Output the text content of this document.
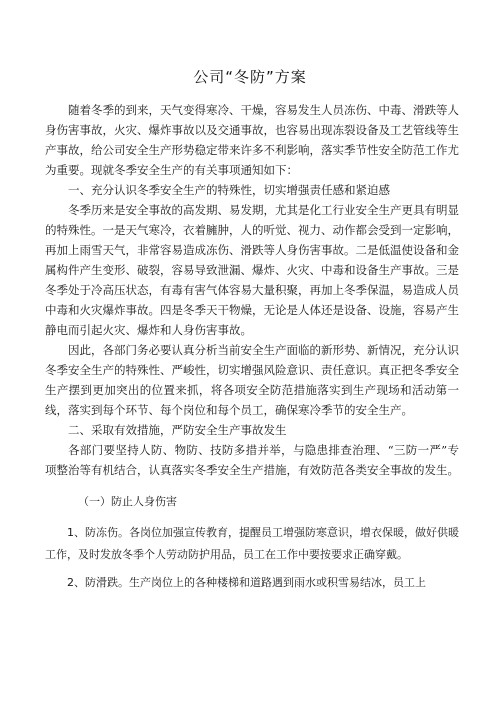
公司“冬防”方案

随着冬季的到来，天气变得寒冷、干燥，容易发生人员冻伤、中毒、滑跌等人身伤害事故，火灾、爆炸事故以及交通事故，也容易出现冻裂设备及工艺管线等生产事故，给公司安全生产形势稳定带来许多不利影响，落实季节性安全防范工作尤为重要。现就冬季安全生产的有关事项通知如下：

一、充分认识冬季安全生产的特殊性，切实增强责任感和紧迫感

冬季历来是安全事故的高发期、易发期，尤其是化工行业安全生产更具有明显的特殊性。一是天气寒冷，衣着臃肿，人的听觉、视力、动作都会受到一定影响，再加上雨雪天气，非常容易造成冻伤、滑跌等人身伤害事故。二是低温使设备和金属构件产生变形、破裂，容易导致泄漏、爆炸、火灾、中毒和设备生产事故。三是冬季处于冷高压状态，有毒有害气体容易大量积聚，再加上冬季保温，易造成人员中毒和火灾爆炸事故。四是冬季天干物燥，无论是人体还是设备、设施，容易产生静电而引起火灾、爆炸和人身伤害事故。

因此，各部门务必要认真分析当前安全生产面临的新形势、新情况，充分认识冬季安全生产的特殊性、严峻性，切实增强风险意识、责任意识。真正把冬季安全生产摆到更加突出的位置来抓，将各项安全防范措施落实到生产现场和活动第一线，落实到每个环节、每个岗位和每个员工，确保寒冷季节的安全生产。

二、采取有效措施，严防安全生产事故发生

各部门要坚持人防、物防、技防多措并举，与隐患排查治理、“三防一严”专项整治等有机结合，认真落实冬季安全生产措施，有效防范各类安全事故的发生。

（一）防止人身伤害

1、防冻伤。各岗位加强宣传教育，提醒员工增强防寒意识，增衣保暖，做好供暖工作，及时发放冬季个人劳动防护用品，员工在工作中要按要求正确穿戴。

2、防滑跌。生产岗位上的各种楼梯和道路遇到雨水或积雪易结冰，员工上
